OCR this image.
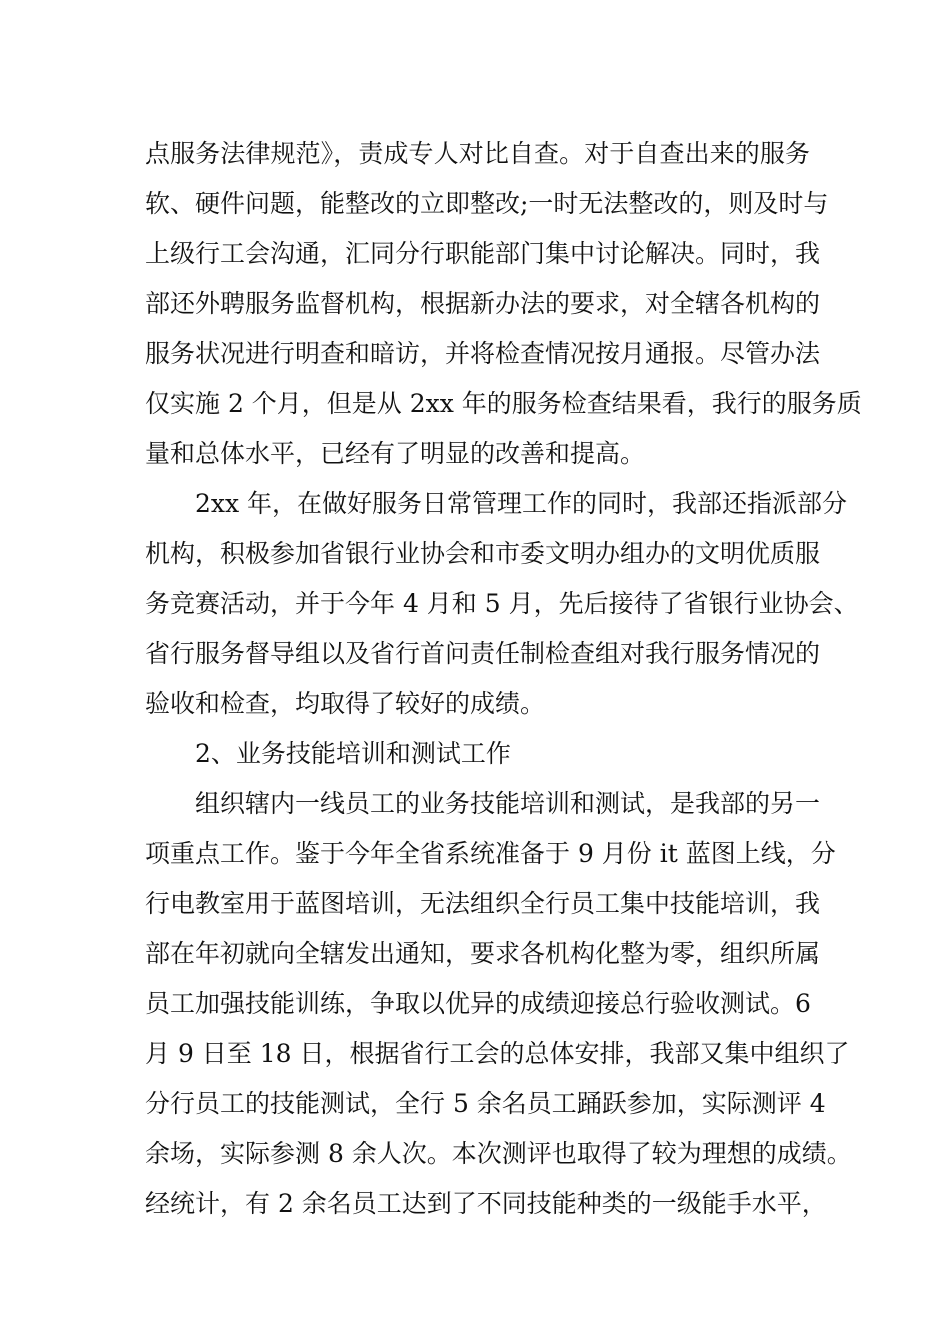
点服务法律规范》，责成专人对比自查。对于自查出来的服务
软、硬件问题，能整改的立即整改;一时无法整改的，则及时与
上级行工会沟通，汇同分行职能部门集中讨论解决。同时，我
部还外聘服务监督机构，根据新办法的要求，对全辖各机构的
服务状况进行明查和暗访，并将检查情况按月通报。尽管办法
仅实施 2 个月，但是从 2xx 年的服务检查结果看，我行的服务质
量和总体水平，已经有了明显的改善和提高。
2xx 年，在做好服务日常管理工作的同时，我部还指派部分
机构，积极参加省银行业协会和市委文明办组办的文明优质服
务竞赛活动，并于今年 4 月和 5 月，先后接待了省银行业协会、
省行服务督导组以及省行首问责任制检查组对我行服务情况的
验收和检查，均取得了较好的成绩。
2、业务技能培训和测试工作
组织辖内一线员工的业务技能培训和测试，是我部的另一
项重点工作。鉴于今年全省系统准备于 9 月份 it 蓝图上线，分
行电教室用于蓝图培训，无法组织全行员工集中技能培训，我
部在年初就向全辖发出通知，要求各机构化整为零，组织所属
员工加强技能训练，争取以优异的成绩迎接总行验收测试。6
月 9 日至 18 日，根据省行工会的总体安排，我部又集中组织了
分行员工的技能测试，全行 5 余名员工踊跃参加，实际测评 4
余场，实际参测 8 余人次。本次测评也取得了较为理想的成绩。
经统计，有 2 余名员工达到了不同技能种类的一级能手水平，
